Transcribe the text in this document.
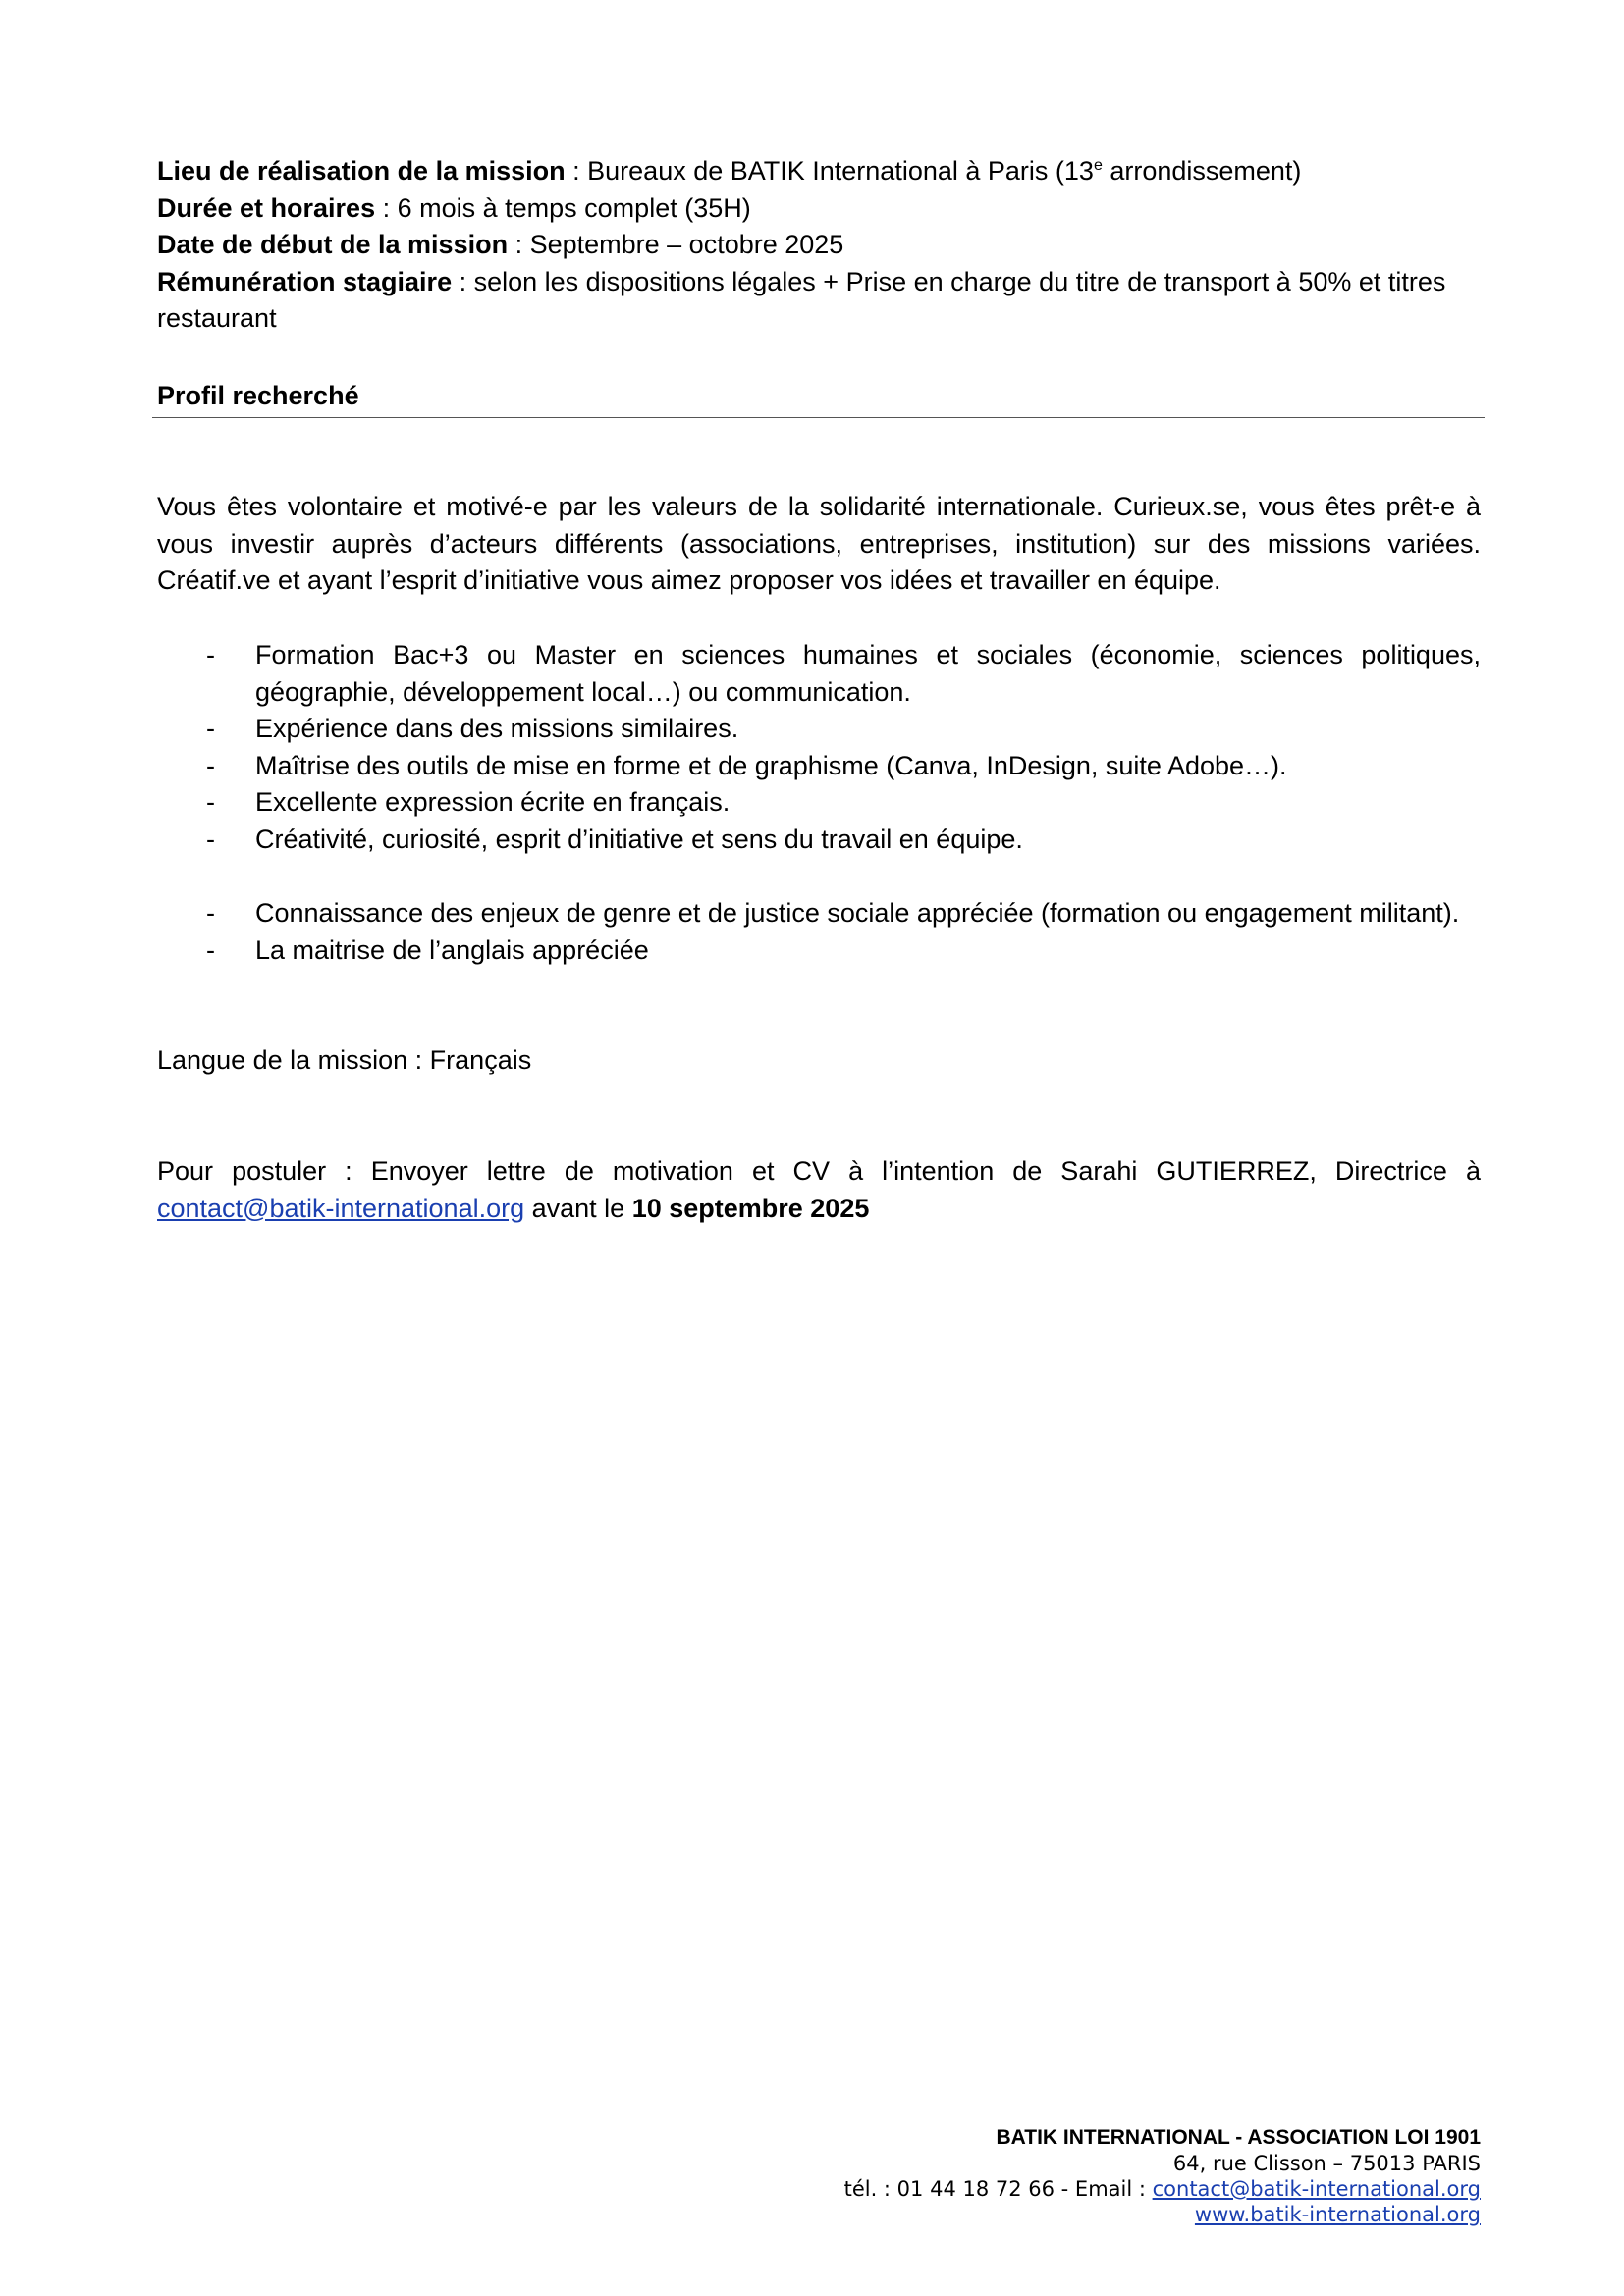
Lieu de réalisation de la mission : Bureaux de BATIK International à Paris (13e arrondissement)

Durée et horaires : 6 mois à temps complet (35H)

Date de début de la mission : Septembre – octobre 2025

Rémunération stagiaire : selon les dispositions légales + Prise en charge du titre de transport à 50% et titres restaurant

Profil recherché

Vous êtes volontaire et motivé-e par les valeurs de la solidarité internationale. Curieux.se, vous êtes prêt-e à vous investir auprès d’acteurs différents (associations, entreprises, institution) sur des missions variées. Créatif.ve et ayant l’esprit d’initiative vous aimez proposer vos idées et travailler en équipe.

- Formation Bac+3 ou Master en sciences humaines et sociales (économie, sciences politiques, géographie, développement local…) ou communication.
- Expérience dans des missions similaires.
- Maîtrise des outils de mise en forme et de graphisme (Canva, InDesign, suite Adobe…).
- Excellente expression écrite en français.
- Créativité, curiosité, esprit d’initiative et sens du travail en équipe.
- Connaissance des enjeux de genre et de justice sociale appréciée (formation ou engagement militant).
- La maitrise de l’anglais appréciée

Langue de la mission : Français

Pour postuler : Envoyer lettre de motivation et CV à l’intention de Sarahi GUTIERREZ, Directrice à contact@batik-international.org avant le 10 septembre 2025

BATIK INTERNATIONAL - ASSOCIATION LOI 1901
64, rue Clisson – 75013 PARIS
tél. : 01 44 18 72 66 - Email : contact@batik-international.org
www.batik-international.org
